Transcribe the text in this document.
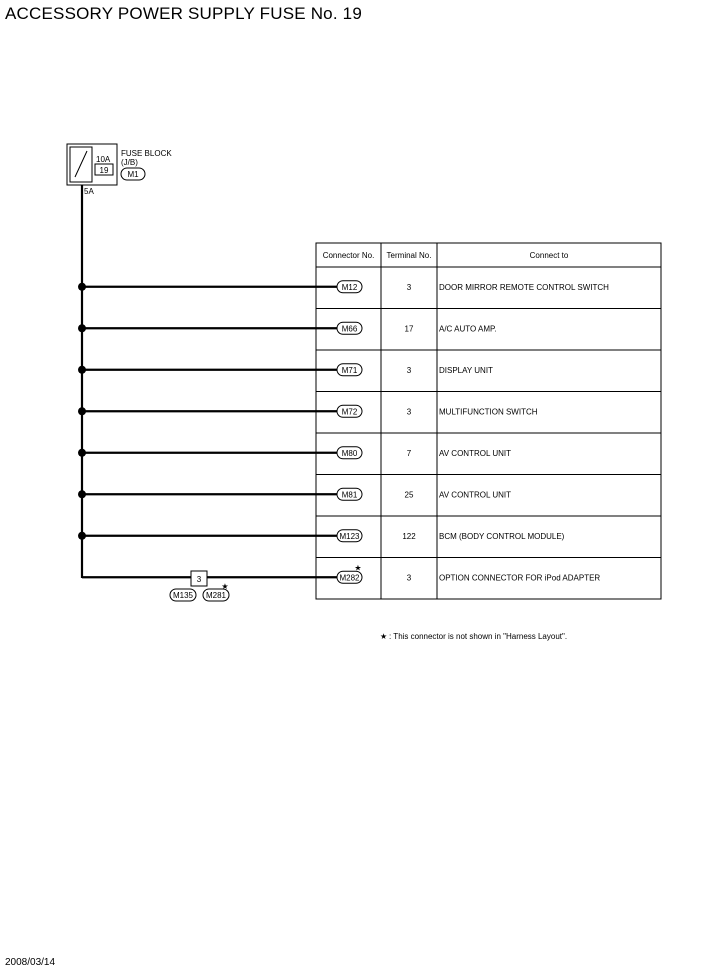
ACCESSORY POWER SUPPLY FUSE No. 19
10A
19
FUSE BLOCK
(J/B)
M1
5A
Connector No. Terminal No.	Connect to
M12	3	DOOR MIRROR REMOTE CONTROL SWITCH
M66	17	A/C AUTO AMP.
M71	3	DISPLAY UNIT
M72	3	MULTIFUNCTION SWITCH
M80	7	AV CONTROL UNIT
M81	25	AV CONTROL UNIT
M123	122	BCM (BODY CONTROL MODULE)
M282	3	OPTION CONNECTOR FOR iPod ADAPTER
★
3
M135 M281
★
★ : This connector is not shown in "Harness Layout".
2008/03/14
